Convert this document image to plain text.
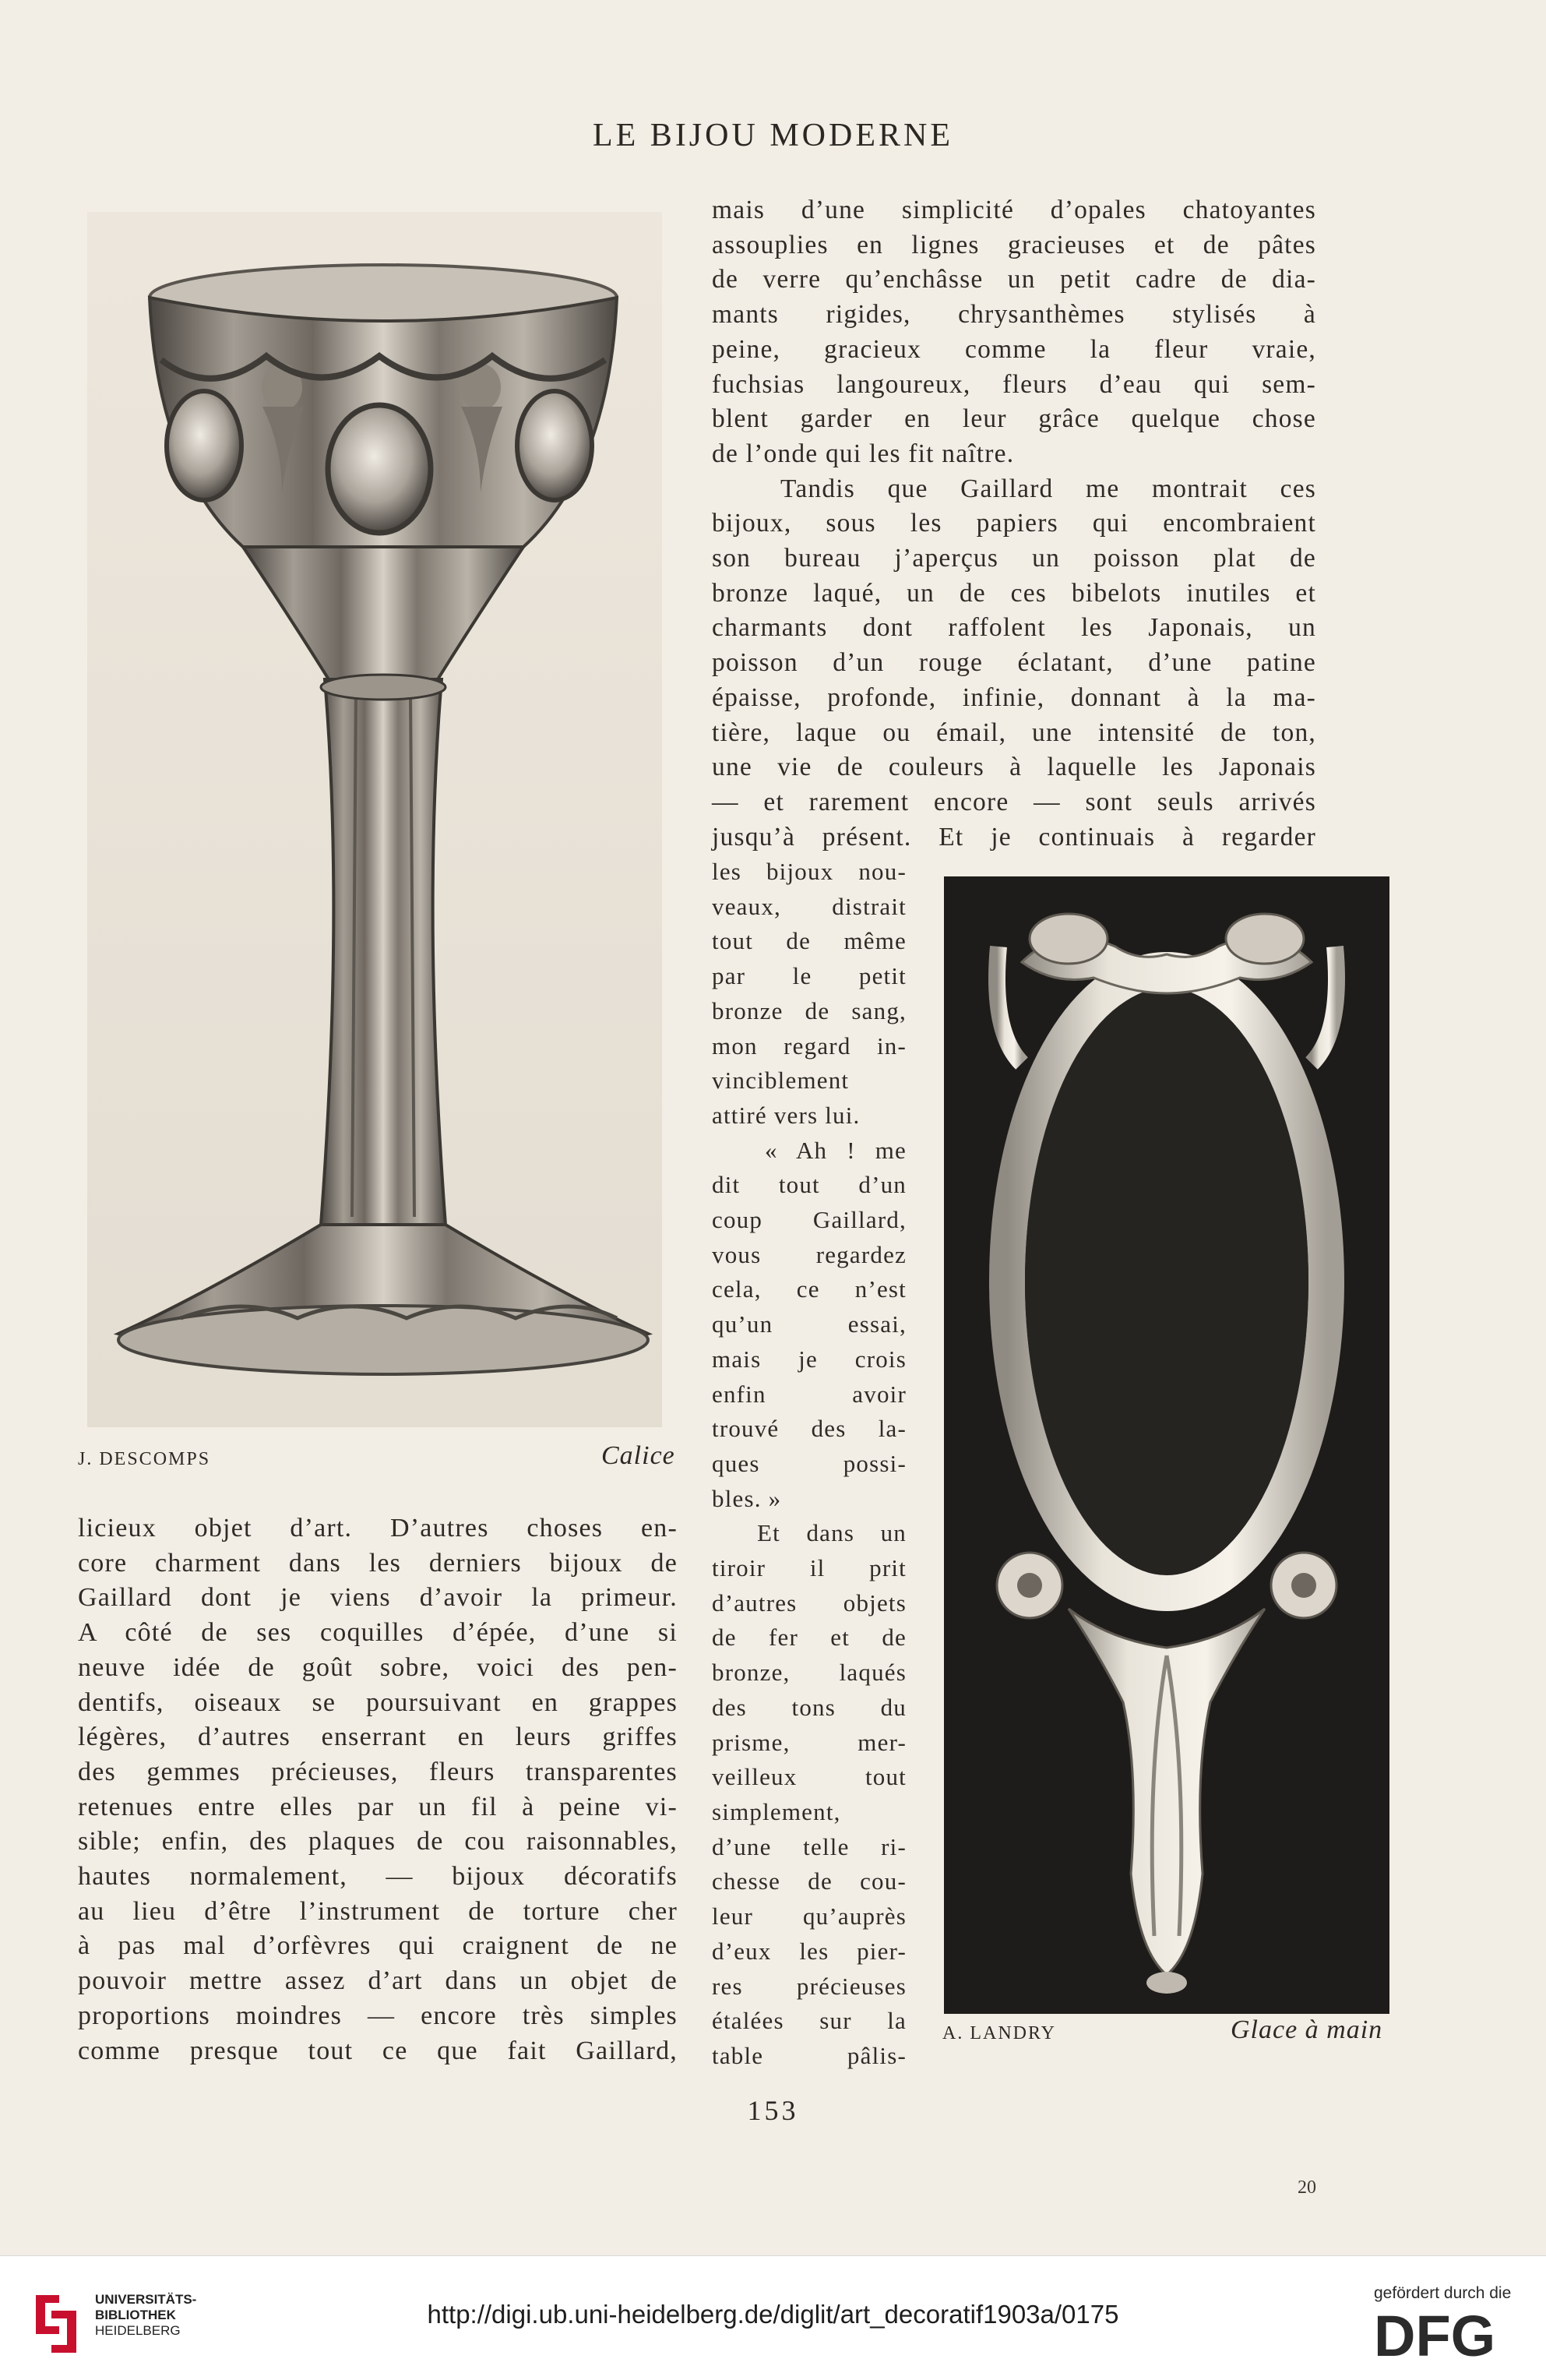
LE BIJOU MODERNE
J. DESCOMPS	Calice
mais d’une simplicité d’opales chatoyantes
assouplies en lignes gracieuses et de pâtes
de verre qu’enchâsse un petit cadre de dia-
mants rigides, chrysanthèmes stylisés à
peine, gracieux comme la fleur vraie,
fuchsias langoureux, fleurs d’eau qui sem-
blent garder en leur grâce quelque chose
de l’onde qui les fit naître.
Tandis que Gaillard me montrait ces
bijoux, sous les papiers qui encombraient
son bureau j’aperçus un poisson plat de
bronze laqué, un de ces bibelots inutiles et
charmants dont raffolent les Japonais, un
poisson d’un rouge éclatant, d’une patine
épaisse, profonde, infinie, donnant à la ma-
tière, laque ou émail, une intensité de ton,
une vie de couleurs à laquelle les Japonais
— et rarement encore — sont seuls arrivés
jusqu’à présent. Et je continuais à regarder
les bijoux nou-
veaux, distrait
tout de même
par le petit
bronze de sang,
mon regard in-
vinciblement
attiré vers lui.
« Ah ! me
dit tout d’un
coup Gaillard,
vous regardez
cela, ce n’est
qu’un essai,
mais je crois
enfin avoir
trouvé des la-
ques possi-
bles. »
Et dans un
tiroir il prit
d’autres objets
de fer et de
bronze, laqués
des tons du
prisme, mer-
veilleux tout
simplement,
d’une telle ri-
chesse de cou-
leur qu’auprès
d’eux les pier-
res précieuses
étalées sur la
table pâlis-
A. LANDRY	Glace à main
licieux objet d’art. D’autres choses en-
core charment dans les derniers bijoux de
Gaillard dont je viens d’avoir la primeur.
A côté de ses coquilles d’épée, d’une si
neuve idée de goût sobre, voici des pen-
dentifs, oiseaux se poursuivant en grappes
légères, d’autres enserrant en leurs griffes
des gemmes précieuses, fleurs transparentes
retenues entre elles par un fil à peine vi-
sible; enfin, des plaques de cou raisonnables,
hautes normalement, — bijoux décoratifs
au lieu d’être l’instrument de torture cher
à pas mal d’orfèvres qui craignent de ne
pouvoir mettre assez d’art dans un objet de
proportions moindres — encore très simples
comme presque tout ce que fait Gaillard,
153
20
UNIVERSITÄTS-
BIBLIOTHEK
HEIDELBERG
http://digi.ub.uni-heidelberg.de/diglit/art_decoratif1903a/0175
gefördert durch die
DFG
